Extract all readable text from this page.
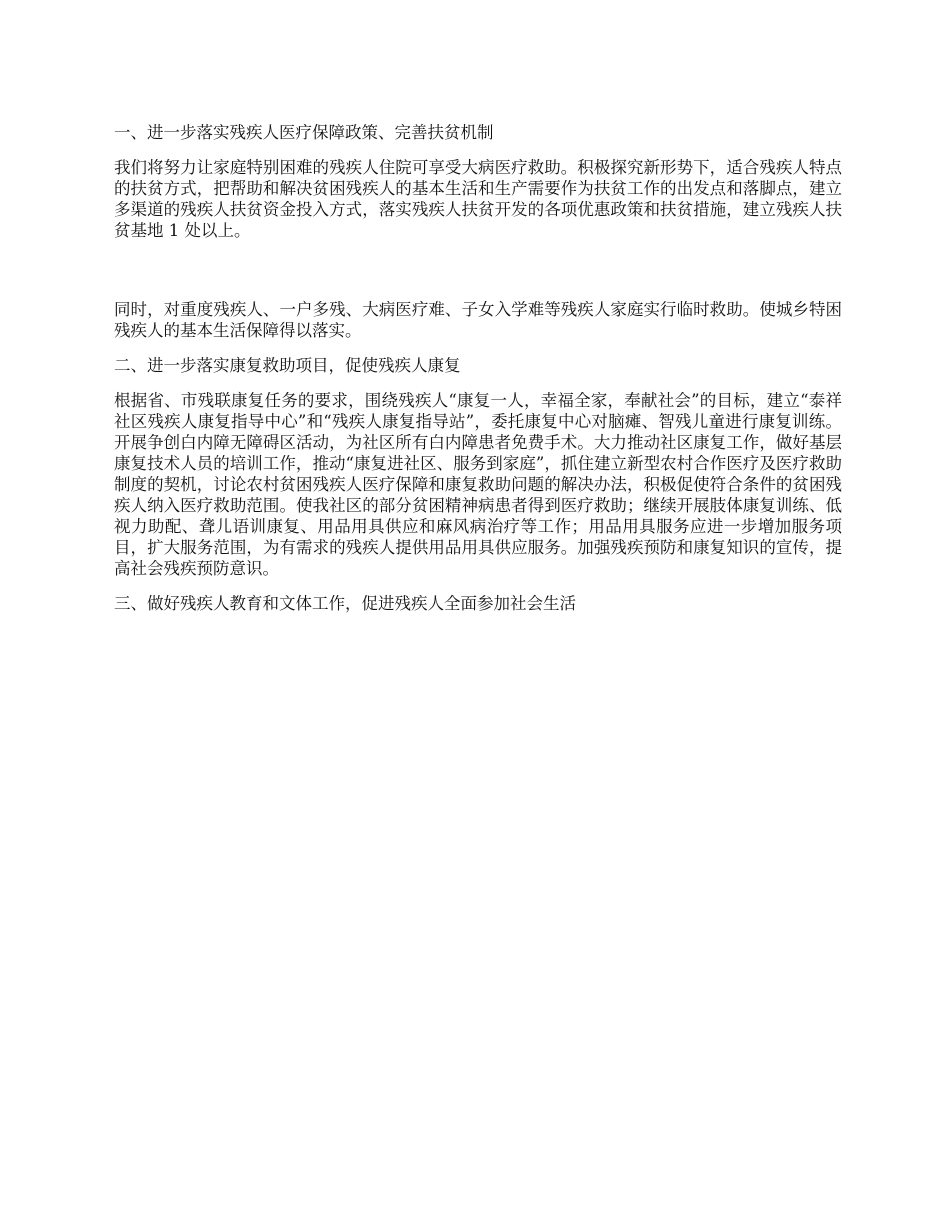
一、进一步落实残疾人医疗保障政策、完善扶贫机制

我们将努力让家庭特别困难的残疾人住院可享受大病医疗救助。积极探究新形势下，适合残疾人特点的扶贫方式，把帮助和解决贫困残疾人的基本生活和生产需要作为扶贫工作的出发点和落脚点，建立多渠道的残疾人扶贫资金投入方式，落实残疾人扶贫开发的各项优惠政策和扶贫措施，建立残疾人扶贫基地 1 处以上。

同时，对重度残疾人、一户多残、大病医疗难、子女入学难等残疾人家庭实行临时救助。使城乡特困残疾人的基本生活保障得以落实。

二、进一步落实康复救助项目，促使残疾人康复

根据省、市残联康复任务的要求，围绕残疾人“康复一人，幸福全家，奉献社会”的目标，建立“泰祥社区残疾人康复指导中心”和“残疾人康复指导站”，委托康复中心对脑瘫、智残儿童进行康复训练。开展争创白内障无障碍区活动，为社区所有白内障患者免费手术。大力推动社区康复工作，做好基层康复技术人员的培训工作，推动“康复进社区、服务到家庭”，抓住建立新型农村合作医疗及医疗救助制度的契机，讨论农村贫困残疾人医疗保障和康复救助问题的解决办法，积极促使符合条件的贫困残疾人纳入医疗救助范围。使我社区的部分贫困精神病患者得到医疗救助；继续开展肢体康复训练、低视力助配、聋儿语训康复、用品用具供应和麻风病治疗等工作；用品用具服务应进一步增加服务项目，扩大服务范围，为有需求的残疾人提供用品用具供应服务。加强残疾预防和康复知识的宣传，提高社会残疾预防意识。

三、做好残疾人教育和文体工作，促进残疾人全面参加社会生活
